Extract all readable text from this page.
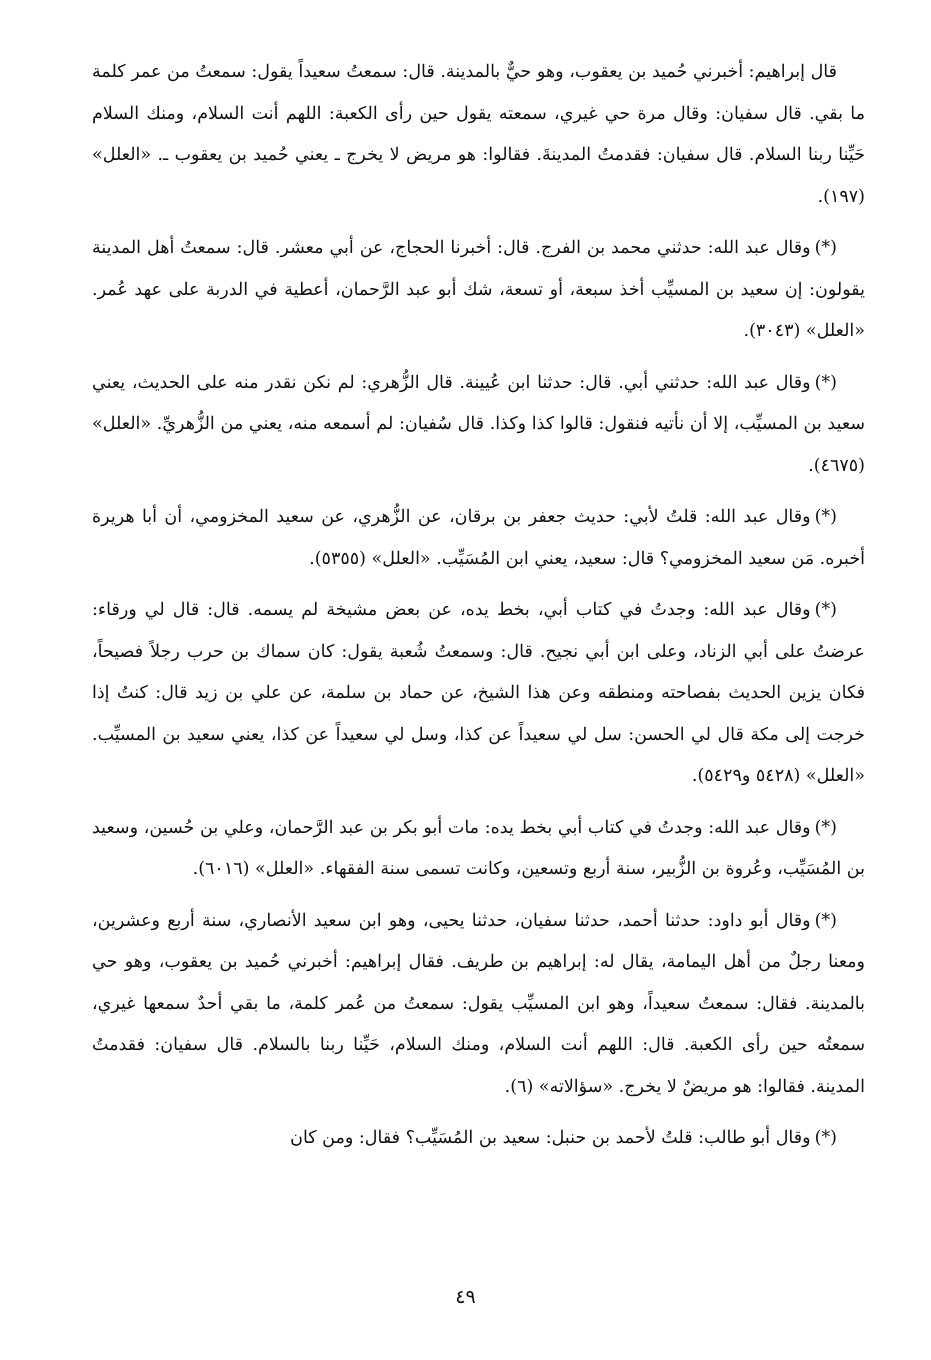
قال إبراهيم: أخبرني حُميد بن يعقوب، وهو حيٌّ بالمدينة. قال: سمعتُ سعيداً يقول: سمعتُ من عمر كلمة ما بقي. قال سفيان: وقال مرة حي غيري، سمعته يقول حين رأى الكعبة: اللهم أنت السلام، ومنك السلام حَيِّنا ربنا السلام. قال سفيان: فقدمتُ المدينةَ. فقالوا: هو مريض لا يخرج ـ يعني حُميد بن يعقوب ـ. «العلل» (١٩٧).

(*)وقال عبد الله: حدثني محمد بن الفرج. قال: أخبرنا الحجاج، عن أبي معشر. قال: سمعتُ أهل المدينة يقولون: إن سعيد بن المسيِّب أخذ سبعة، أو تسعة، شك أبو عبد الرَّحمان، أعطية في الدربة على عهد عُمر. «العلل» (٣٠٤٣).

(*)وقال عبد الله: حدثني أبي. قال: حدثنا ابن عُيينة. قال الزُّهري: لم نكن نقدر منه على الحديث، يعني سعيد بن المسيِّب، إلا أن نأتيه فنقول: قالوا كذا وكذا. قال سُفيان: لم أسمعه منه، يعني من الزُّهريِّ. «العلل» (٤٦٧٥).

(*)وقال عبد الله: قلتُ لأبي: حديث جعفر بن برقان، عن الزُّهري، عن سعيد المخزومي، أن أبا هريرة أخبره. مَن سعيد المخزومي؟ قال: سعيد، يعني ابن المُسَيِّب. «العلل» (٥٣٥٥).

(*)وقال عبد الله: وجدتُ في كتاب أبي، بخط يده، عن بعض مشيخة لم يسمه. قال: قال لي ورقاء: عرضتُ على أبي الزناد، وعلى ابن أبي نجيح. قال: وسمعتُ شُعبة يقول: كان سماك بن حرب رجلاً فصيحاً، فكان يزين الحديث بفصاحته ومنطقه وعن هذا الشيخ، عن حماد بن سلمة، عن علي بن زيد قال: كنتُ إذا خرجت إلى مكة قال لي الحسن: سل لي سعيداً عن كذا، وسل لي سعيداً عن كذا، يعني سعيد بن المسيِّب. «العلل» (٥٤٢٨ و٥٤٢٩).

(*)وقال عبد الله: وجدتُ في كتاب أبي بخط يده: مات أبو بكر بن عبد الرَّحمان، وعلي بن حُسين، وسعيد بن المُسَيِّب، وعُروة بن الزُّبير، سنة أربع وتسعين، وكانت تسمى سنة الفقهاء. «العلل» (٦٠١٦).

(*)وقال أبو داود: حدثنا أحمد، حدثنا سفيان، حدثنا يحيى، وهو ابن سعيد الأنصاري، سنة أربع وعشرين، ومعنا رجلٌ من أهل اليمامة، يقال له: إبراهيم بن طريف. فقال إبراهيم: أخبرني حُميد بن يعقوب، وهو حي بالمدينة. فقال: سمعتُ سعيداً، وهو ابن المسيِّب يقول: سمعتُ من عُمر كلمة، ما بقي أحدٌ سمعها غيري، سمعتُه حين رأى الكعبة. قال: اللهم أنت السلام، ومنك السلام، حَيِّنا ربنا بالسلام. قال سفيان: فقدمتُ المدينة. فقالوا: هو مريضٌ لا يخرج. «سؤالاته» (٦).

(*)وقال أبو طالب: قلتُ لأحمد بن حنبل: سعيد بن المُسَيِّب؟ فقال: ومن كان

٤٩
